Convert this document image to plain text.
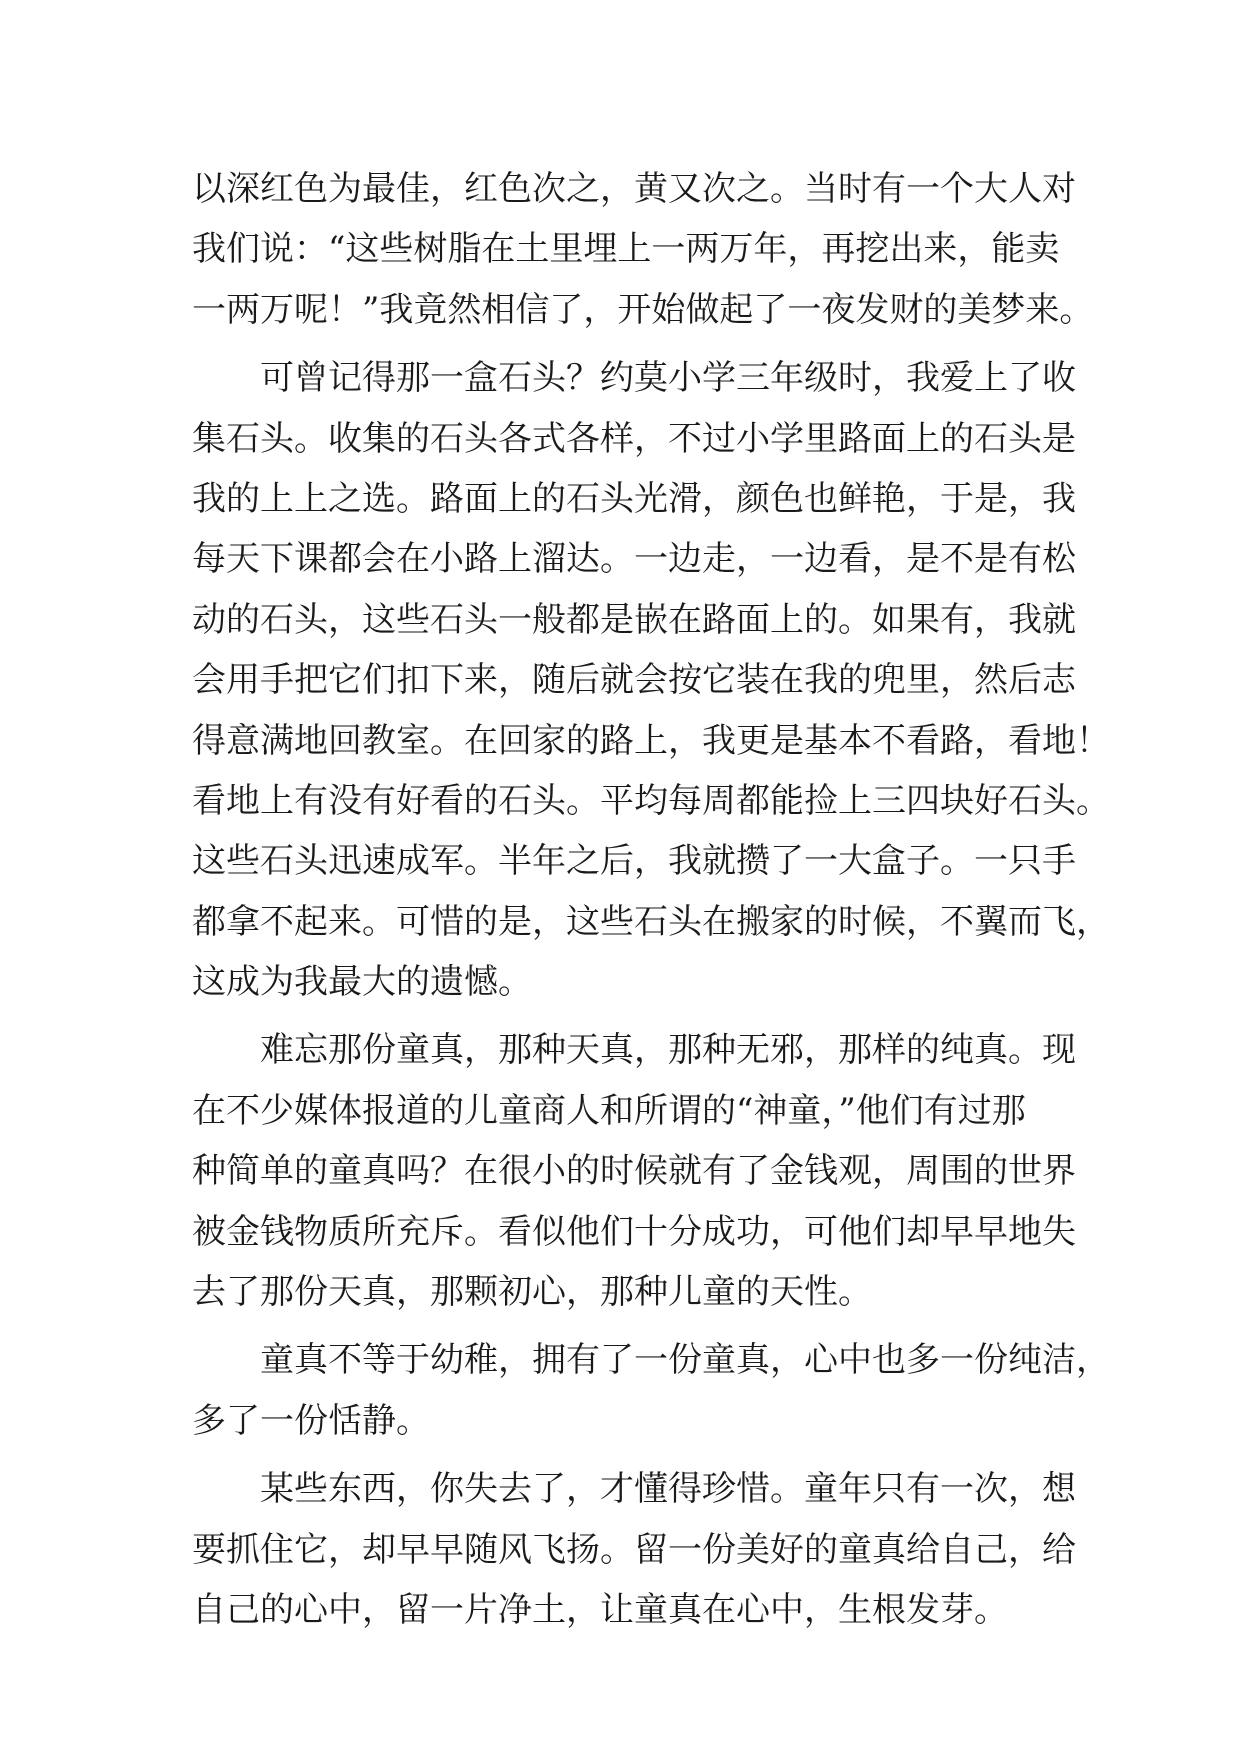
以深红色为最佳，红色次之，黄又次之。当时有一个大人对
我们说：“这些树脂在土里埋上一两万年，再挖出来，能卖
一两万呢！”我竟然相信了，开始做起了一夜发财的美梦来。
可曾记得那一盒石头？约莫小学三年级时，我爱上了收
集石头。收集的石头各式各样，不过小学里路面上的石头是
我的上上之选。路面上的石头光滑，颜色也鲜艳，于是，我
每天下课都会在小路上溜达。一边走，一边看，是不是有松
动的石头，这些石头一般都是嵌在路面上的。如果有，我就
会用手把它们扣下来，随后就会按它装在我的兜里，然后志
得意满地回教室。在回家的路上，我更是基本不看路，看地！
看地上有没有好看的石头。平均每周都能捡上三四块好石头。
这些石头迅速成军。半年之后，我就攒了一大盒子。一只手
都拿不起来。可惜的是，这些石头在搬家的时候，不翼而飞，
这成为我最大的遗憾。
难忘那份童真，那种天真，那种无邪，那样的纯真。现
在不少媒体报道的儿童商人和所谓的“神童，”他们有过那
种简单的童真吗？在很小的时候就有了金钱观，周围的世界
被金钱物质所充斥。看似他们十分成功，可他们却早早地失
去了那份天真，那颗初心，那种儿童的天性。
童真不等于幼稚，拥有了一份童真，心中也多一份纯洁，
多了一份恬静。
某些东西，你失去了，才懂得珍惜。童年只有一次，想
要抓住它，却早早随风飞扬。留一份美好的童真给自己，给
自己的心中，留一片净土，让童真在心中，生根发芽。
